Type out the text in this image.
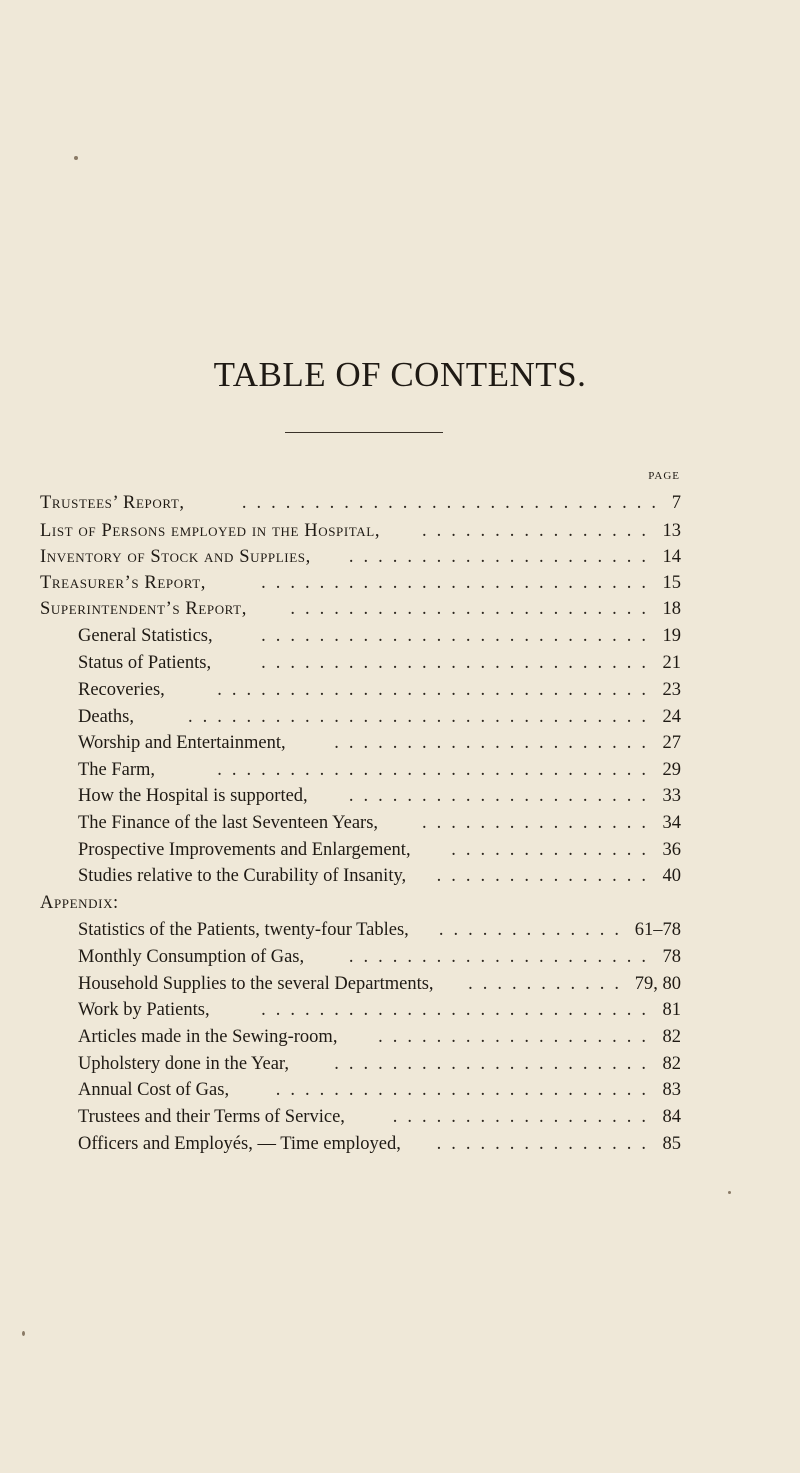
TABLE OF CONTENTS.
PAGE
Trustees’ Report,	............................. 7
List of Persons employed in the Hospital,	................ 13
Inventory of Stock and Supplies,	..................... 14
Treasurer’s Report,	........................... 15
Superintendent’s Report,	......................... 18
General Statistics,	........................... 19
Status of Patients,	........................... 21
Recoveries,	.............................. 23
Deaths,	................................ 24
Worship and Entertainment,	...................... 27
The Farm,	.............................. 29
How the Hospital is supported,	..................... 33
The Finance of the last Seventeen Years,	................ 34
Prospective Improvements and Enlargement,	.............. 36
Studies relative to the Curability of Insanity,	............... 40
Appendix:
Statistics of the Patients, twenty-four Tables,	............. 61–78
Monthly Consumption of Gas,	..................... 78
Household Supplies to the several Departments,	........... 79, 80
Work by Patients,	........................... 81
Articles made in the Sewing-room,	................... 82
Upholstery done in the Year,	...................... 82
Annual Cost of Gas,	.......................... 83
Trustees and their Terms of Service,	.................. 84
Officers and Employés, — Time employed,	............... 85
